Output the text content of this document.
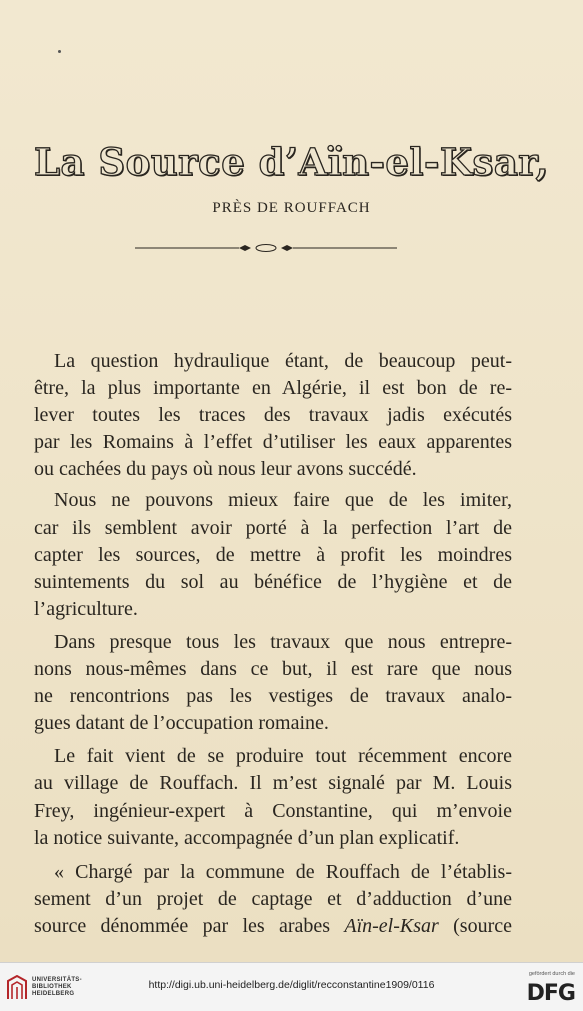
La Source d’Aïn-el-Ksar,
PRÈS DE ROUFFACH

La question hydraulique étant, de beaucoup peut-

être, la plus importante en Algérie, il est bon de re-

lever toutes les traces des travaux jadis exécutés

par les Romains à l’effet d’utiliser les eaux apparentes

ou cachées du pays où nous leur avons succédé.

Nous ne pouvons mieux faire que de les imiter,

car ils semblent avoir porté à la perfection l’art de

capter les sources, de mettre à profit les moindres

suintements du sol au bénéfice de l’hygiène et de

l’agriculture.

Dans presque tous les travaux que nous entrepre-

nons nous-mêmes dans ce but, il est rare que nous

ne rencontrions pas les vestiges de travaux analo-

gues datant de l’occupation romaine.

Le fait vient de se produire tout récemment encore

au village de Rouffach. Il m’est signalé par M. Louis

Frey, ingénieur-expert à Constantine, qui m’envoie

la notice suivante, accompagnée d’un plan explicatif.

« Chargé par la commune de Rouffach de l’établis-

sement d’un projet de captage et d’adduction d’une

source dénommée par les arabes Aïn-el-Ksar (source

UNIVERSITÄTS-
BIBLIOTHEK
HEIDELBERG
http://digi.ub.uni-heidelberg.de/diglit/recconstantine1909/0116
gefördert durch die
DFG
